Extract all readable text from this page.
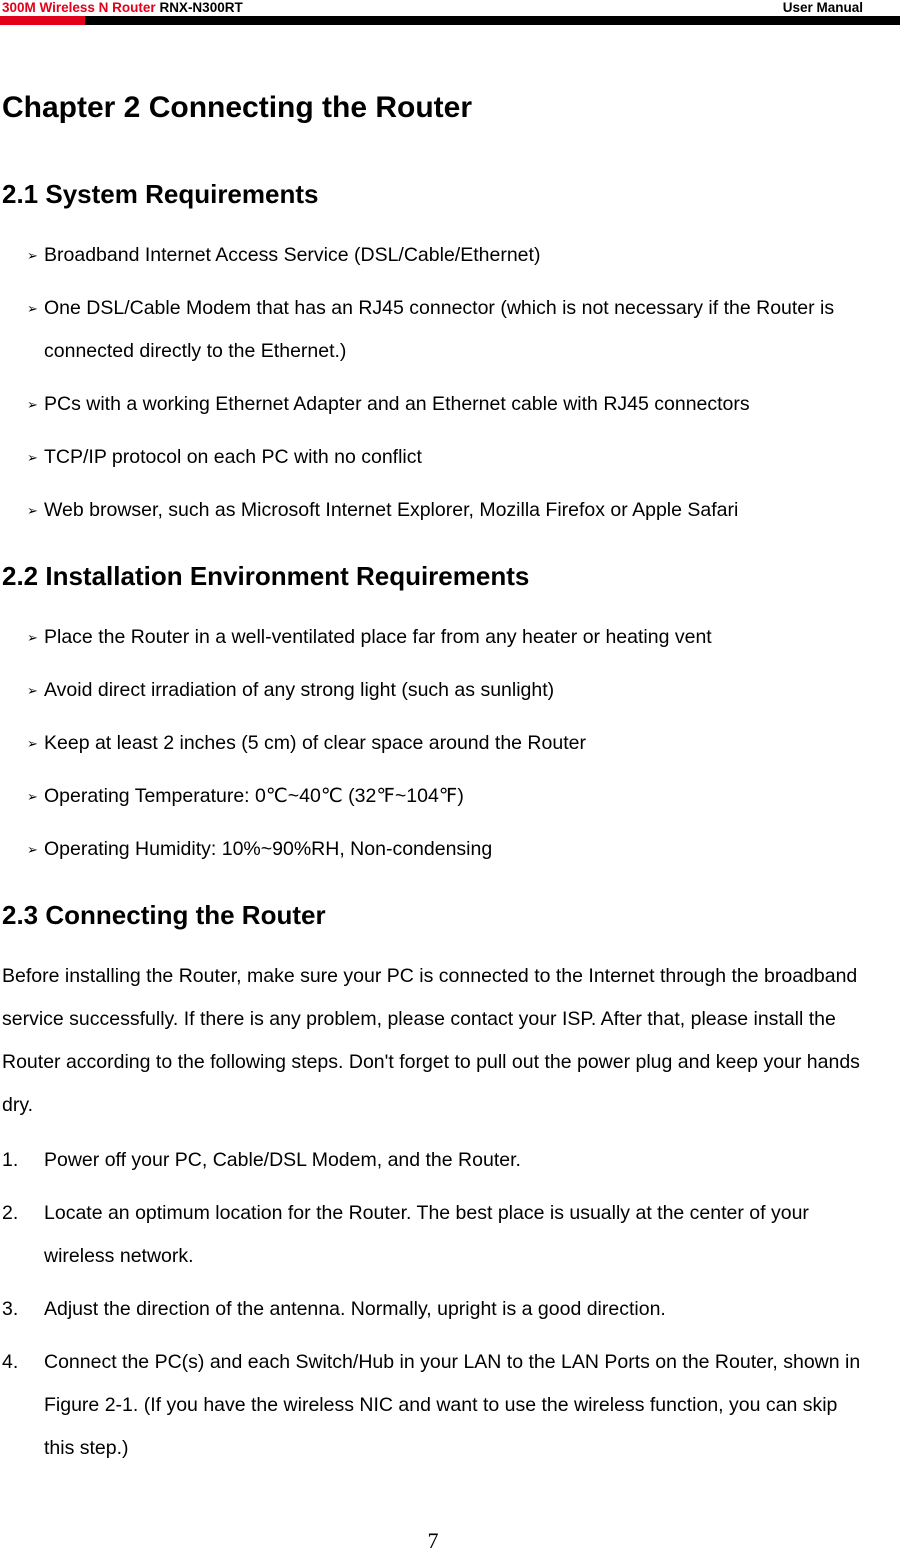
300M Wireless N Router RNX-N300RT	User Manual
Chapter 2 Connecting the Router
2.1 System Requirements
➢ Broadband Internet Access Service (DSL/Cable/Ethernet)
➢ One DSL/Cable Modem that has an RJ45 connector (which is not necessary if the Router is connected directly to the Ethernet.)
➢ PCs with a working Ethernet Adapter and an Ethernet cable with RJ45 connectors
➢ TCP/IP protocol on each PC with no conflict
➢ Web browser, such as Microsoft Internet Explorer, Mozilla Firefox or Apple Safari
2.2 Installation Environment Requirements
➢ Place the Router in a well-ventilated place far from any heater or heating vent
➢ Avoid direct irradiation of any strong light (such as sunlight)
➢ Keep at least 2 inches (5 cm) of clear space around the Router
➢ Operating Temperature: 0℃~40℃ (32℉~104℉)
➢ Operating Humidity: 10%~90%RH, Non-condensing
2.3 Connecting the Router

Before installing the Router, make sure your PC is connected to the Internet through the broadband service successfully. If there is any problem, please contact your ISP. After that, please install the Router according to the following steps. Don't forget to pull out the power plug and keep your hands dry.

1. Power off your PC, Cable/DSL Modem, and the Router.
2. Locate an optimum location for the Router. The best place is usually at the center of your wireless network.
3. Adjust the direction of the antenna. Normally, upright is a good direction.
4. Connect the PC(s) and each Switch/Hub in your LAN to the LAN Ports on the Router, shown in Figure 2-1. (If you have the wireless NIC and want to use the wireless function, you can skip this step.)
7
